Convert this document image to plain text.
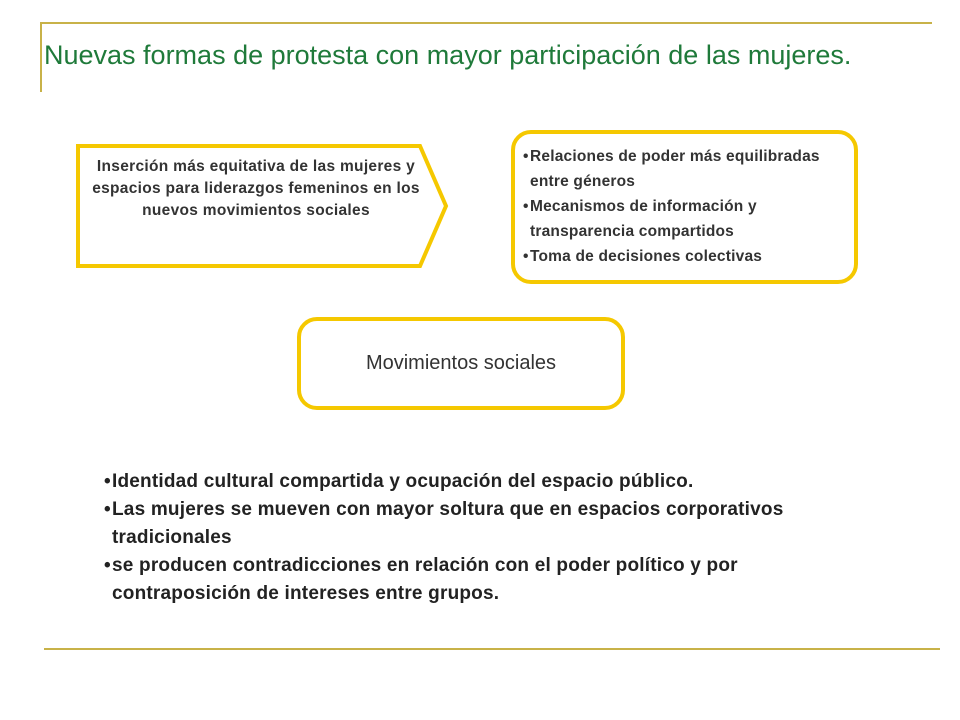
Nuevas formas de protesta con mayor participación de las mujeres.
Inserción más equitativa de las mujeres y espacios para liderazgos femeninos en los nuevos movimientos sociales
• Relaciones de poder más equilibradas entre géneros
• Mecanismos de información y transparencia compartidos
• Toma de decisiones colectivas
Movimientos sociales
• Identidad cultural compartida y ocupación del espacio público.
• Las mujeres se mueven con mayor soltura que en espacios corporativos tradicionales
• se producen contradicciones en relación con el poder político y por contraposición de intereses entre grupos.
